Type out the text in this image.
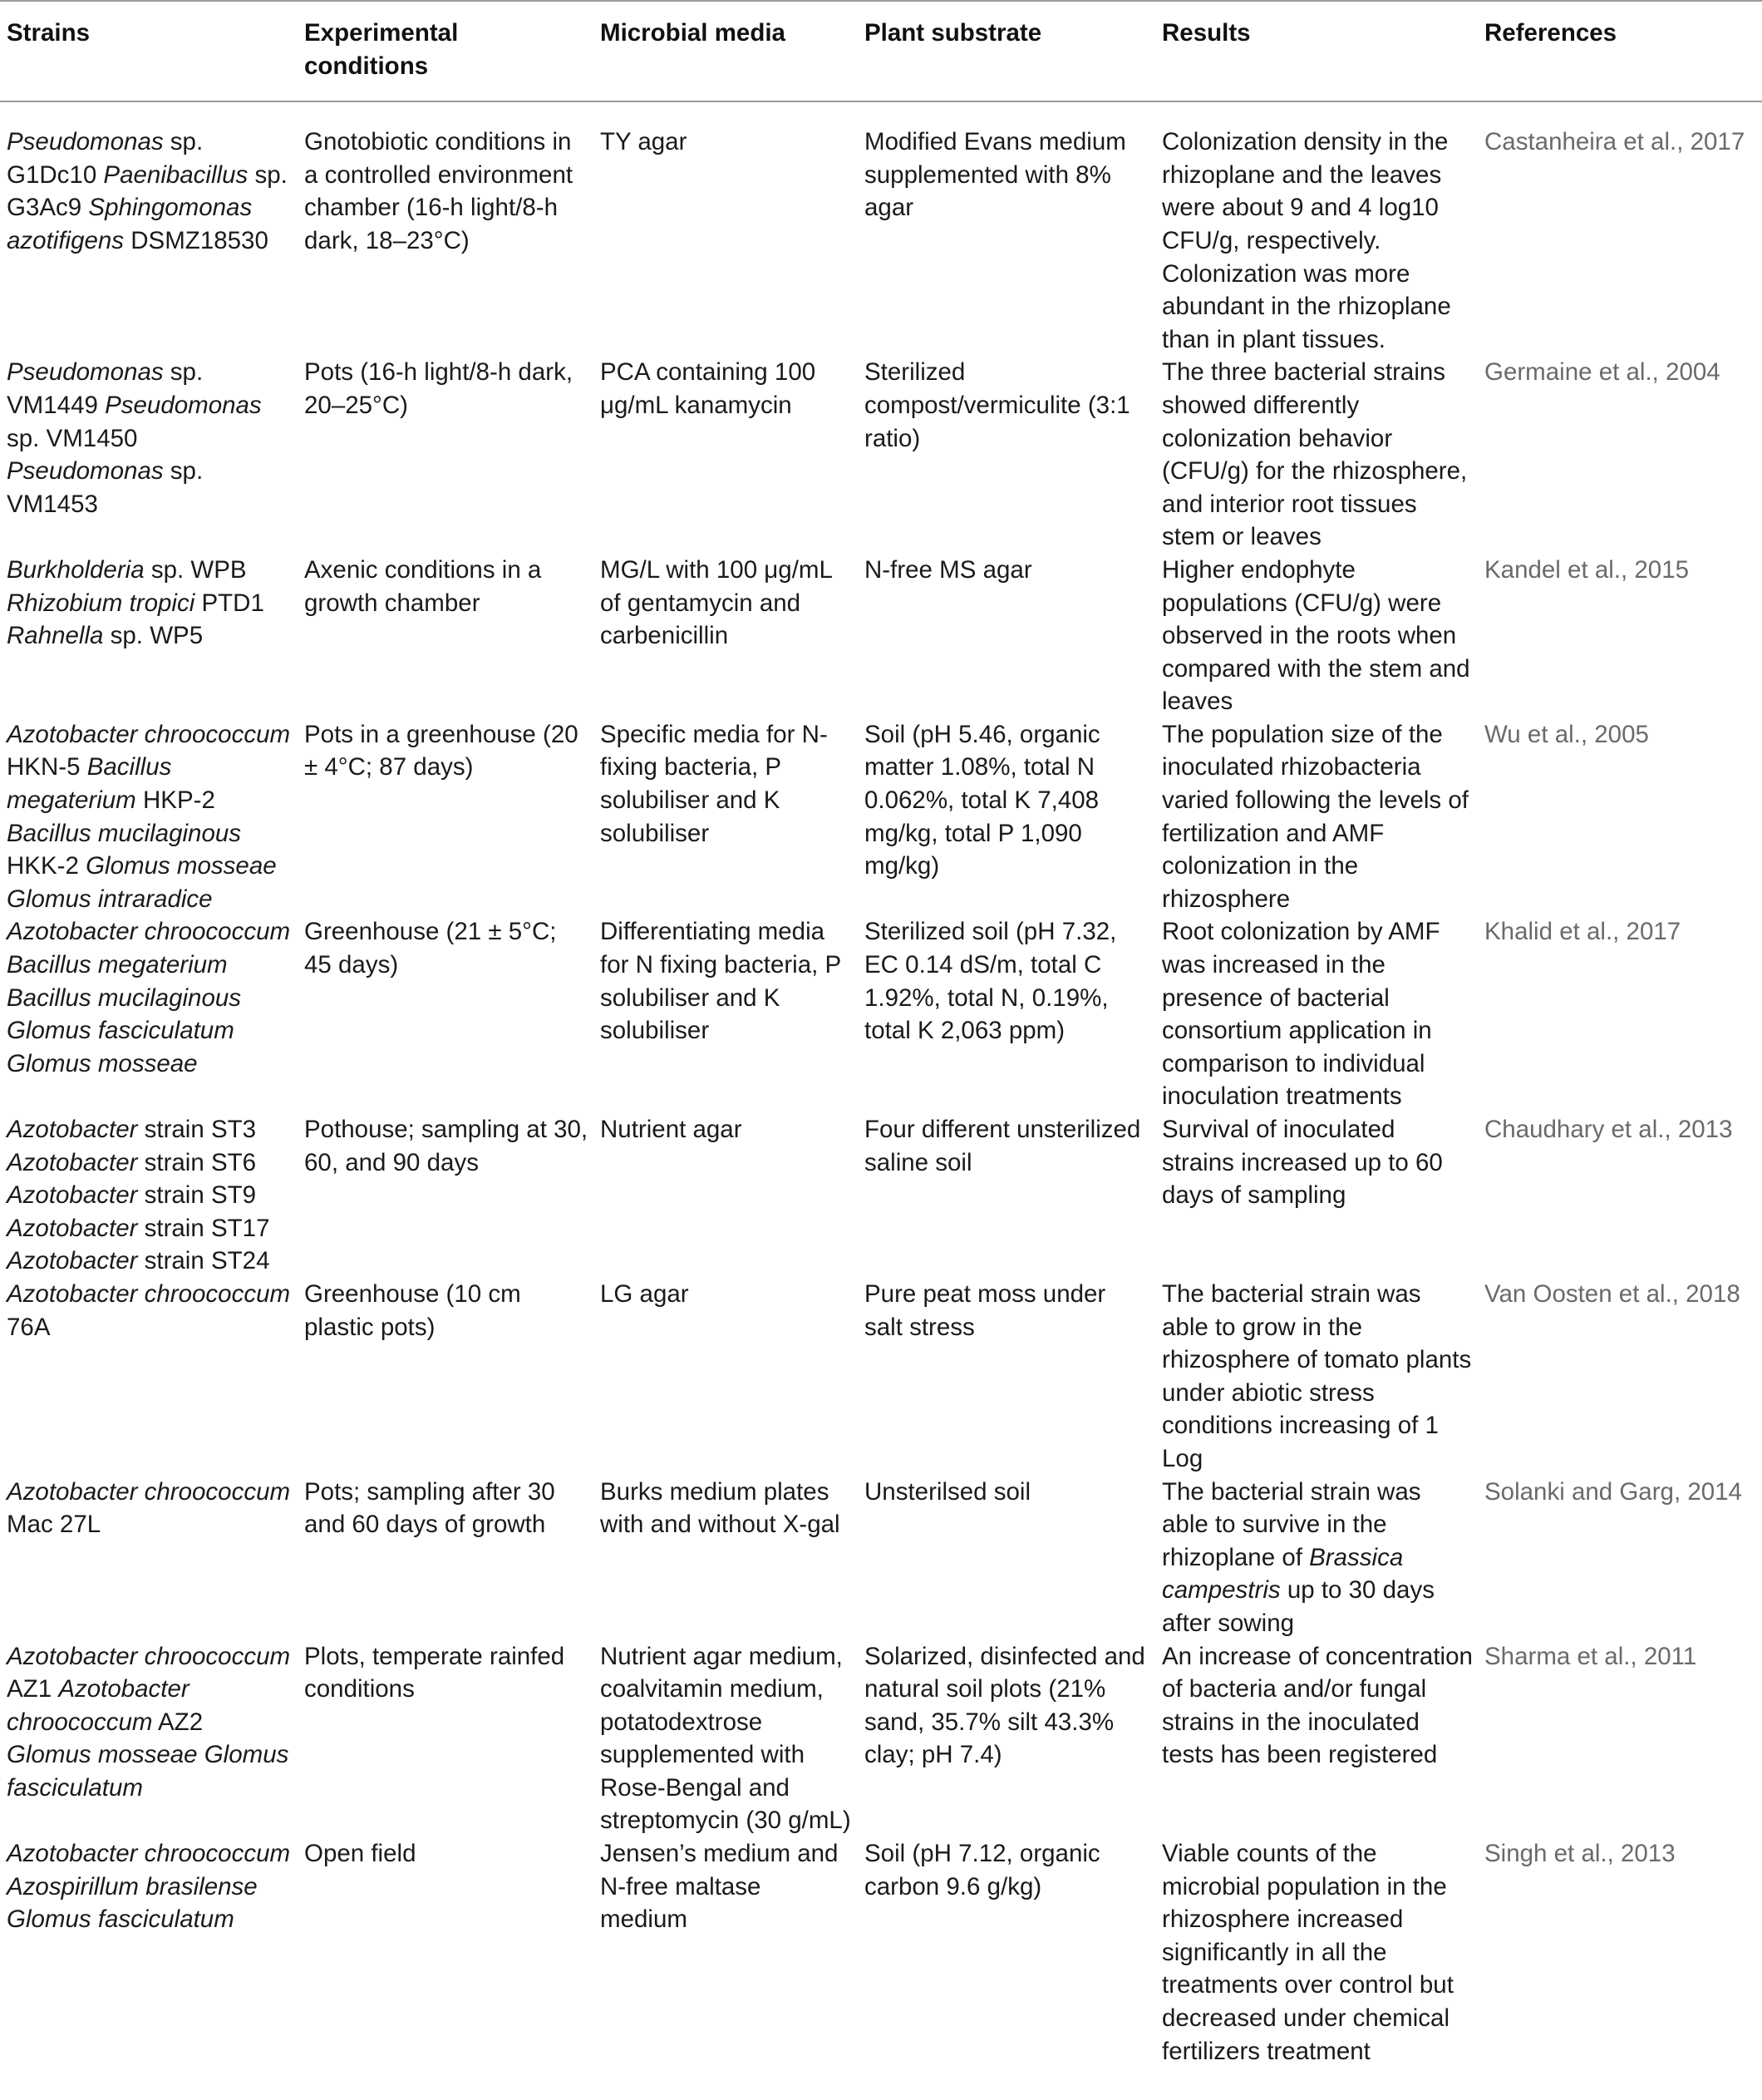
Strains	Experimental conditions	Microbial media	Plant substrate	Results	References
Pseudomonas sp. G1Dc10 Paenibacillus sp. G3Ac9 Sphingomonas azotifigens DSMZ18530	Gnotobiotic conditions in a controlled environment chamber (16-h light/8-h dark, 18–23°C)	TY agar	Modified Evans medium supplemented with 8% agar	Colonization density in the rhizoplane and the leaves were about 9 and 4 log10 CFU/g, respectively. Colonization was more abundant in the rhizoplane than in plant tissues.	Castanheira et al., 2017
Pseudomonas sp. VM1449 Pseudomonas sp. VM1450 Pseudomonas sp. VM1453	Pots (16-h light/8-h dark, 20–25°C)	PCA containing 100 μg/mL kanamycin	Sterilized compost/vermiculite (3:1 ratio)	The three bacterial strains showed differently colonization behavior (CFU/g) for the rhizosphere, and interior root tissues stem or leaves	Germaine et al., 2004
Burkholderia sp. WPB Rhizobium tropici PTD1 Rahnella sp. WP5	Axenic conditions in a growth chamber	MG/L with 100 μg/mL of gentamycin and carbenicillin	N-free MS agar	Higher endophyte populations (CFU/g) were observed in the roots when compared with the stem and leaves	Kandel et al., 2015
Azotobacter chroococcum HKN-5 Bacillus megaterium HKP-2 Bacillus mucilaginous HKK-2 Glomus mosseae Glomus intraradice	Pots in a greenhouse (20 ± 4°C; 87 days)	Specific media for N-fixing bacteria, P solubiliser and K solubiliser	Soil (pH 5.46, organic matter 1.08%, total N 0.062%, total K 7,408 mg/kg, total P 1,090 mg/kg)	The population size of the inoculated rhizobacteria varied following the levels of fertilization and AMF colonization in the rhizosphere	Wu et al., 2005
Azotobacter chroococcum Bacillus megaterium Bacillus mucilaginous Glomus fasciculatum Glomus mosseae	Greenhouse (21 ± 5°C; 45 days)	Differentiating media for N fixing bacteria, P solubiliser and K solubiliser	Sterilized soil (pH 7.32, EC 0.14 dS/m, total C 1.92%, total N, 0.19%, total K 2,063 ppm)	Root colonization by AMF was increased in the presence of bacterial consortium application in comparison to individual inoculation treatments	Khalid et al., 2017
Azotobacter strain ST3 Azotobacter strain ST6 Azotobacter strain ST9 Azotobacter strain ST17 Azotobacter strain ST24	Pothouse; sampling at 30, 60, and 90 days	Nutrient agar	Four different unsterilized saline soil	Survival of inoculated strains increased up to 60 days of sampling	Chaudhary et al., 2013
Azotobacter chroococcum 76A	Greenhouse (10 cm plastic pots)	LG agar	Pure peat moss under salt stress	The bacterial strain was able to grow in the rhizosphere of tomato plants under abiotic stress conditions increasing of 1 Log	Van Oosten et al., 2018
Azotobacter chroococcum Mac 27L	Pots; sampling after 30 and 60 days of growth	Burks medium plates with and without X-gal	Unsterilsed soil	The bacterial strain was able to survive in the rhizoplane of Brassica campestris up to 30 days after sowing	Solanki and Garg, 2014
Azotobacter chroococcum AZ1 Azotobacter chroococcum AZ2 Glomus mosseae Glomus fasciculatum	Plots, temperate rainfed conditions	Nutrient agar medium, coalvitamin medium, potatodextrose supplemented with Rose-Bengal and streptomycin (30 g/mL)	Solarized, disinfected and natural soil plots (21% sand, 35.7% silt 43.3% clay; pH 7.4)	An increase of concentration of bacteria and/or fungal strains in the inoculated tests has been registered	Sharma et al., 2011
Azotobacter chroococcum Azospirillum brasilense Glomus fasciculatum	Open field	Jensen’s medium and N-free maltase medium	Soil (pH 7.12, organic carbon 9.6 g/kg)	Viable counts of the microbial population in the rhizosphere increased significantly in all the treatments over control but decreased under chemical fertilizers treatment	Singh et al., 2013
